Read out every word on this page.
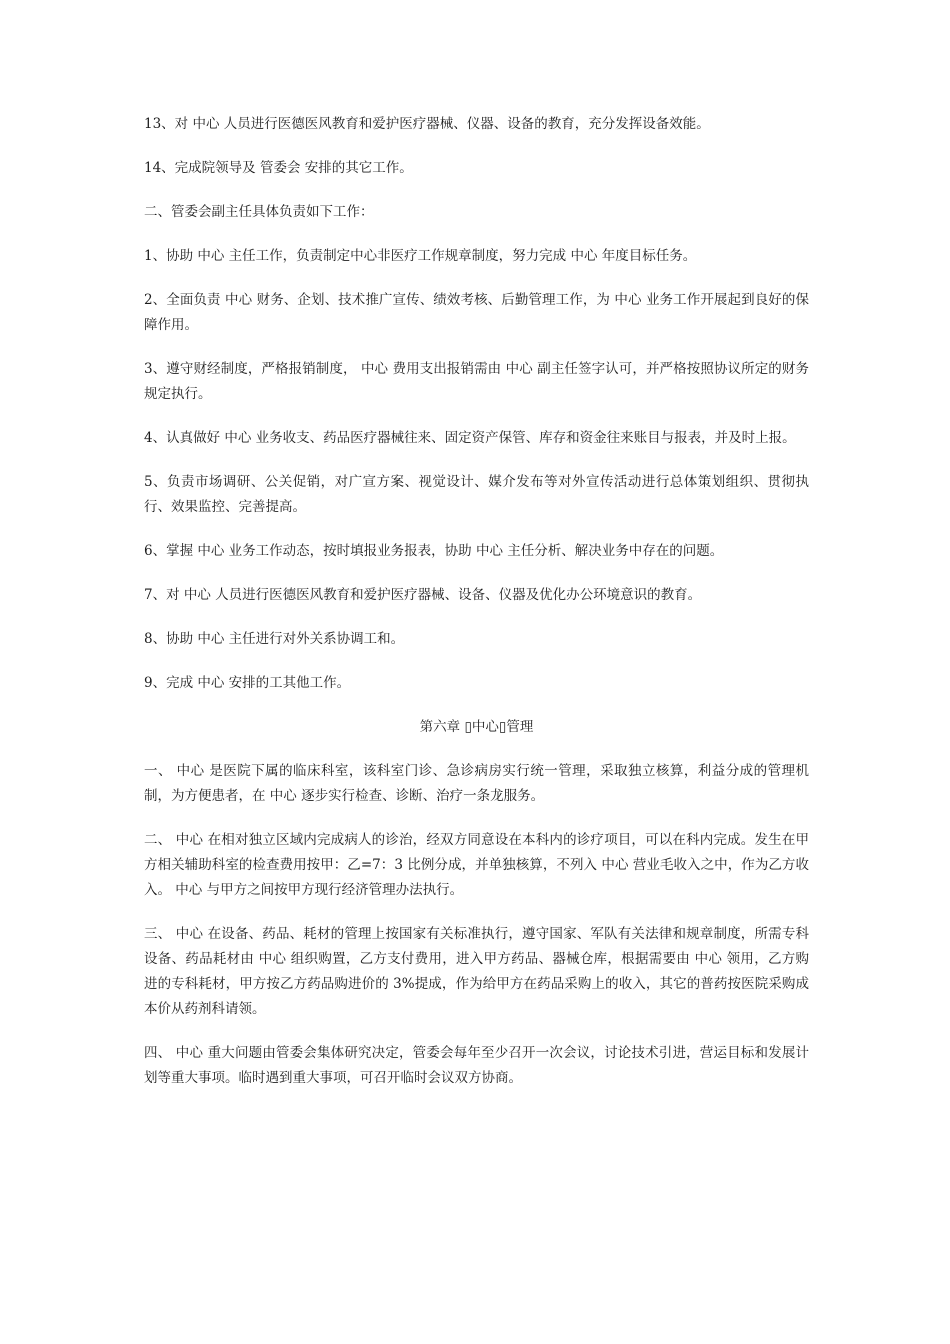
13、对 中心 人员进行医德医风教育和爱护医疗器械、仪器、设备的教育，充分发挥设备效能。

14、完成院领导及 管委会 安排的其它工作。

二、管委会副主任具体负责如下工作：

1、协助 中心 主任工作，负责制定中心非医疗工作规章制度，努力完成 中心 年度目标任务。

2、全面负责 中心 财务、企划、技术推广宣传、绩效考核、后勤管理工作，为 中心 业务工作开展起到良好的保障作用。

3、遵守财经制度，严格报销制度， 中心 费用支出报销需由 中心 副主任签字认可，并严格按照协议所定的财务规定执行。

4、认真做好 中心 业务收支、药品医疗器械往来、固定资产保管、库存和资金往来账目与报表，并及时上报。

5、负责市场调研、公关促销，对广宣方案、视觉设计、媒介发布等对外宣传活动进行总体策划组织、贯彻执行、效果监控、完善提高。

6、掌握 中心 业务工作动态，按时填报业务报表，协助 中心 主任分析、解决业务中存在的问题。

7、对 中心 人员进行医德医风教育和爱护医疗器械、设备、仪器及优化办公环境意识的教育。

8、协助 中心 主任进行对外关系协调工和。

9、完成 中心 安排的工其他工作。

第六章 ▯中心▯管理

一、 中心 是医院下属的临床科室，该科室门诊、急诊病房实行统一管理，采取独立核算，利益分成的管理机制，为方便患者，在 中心 逐步实行检查、诊断、治疗一条龙服务。

二、 中心 在相对独立区域内完成病人的诊治，经双方同意设在本科内的诊疗项目，可以在科内完成。发生在甲方相关辅助科室的检查费用按甲：乙=7：3 比例分成，并单独核算，不列入 中心 营业毛收入之中，作为乙方收入。 中心 与甲方之间按甲方现行经济管理办法执行。

三、 中心 在设备、药品、耗材的管理上按国家有关标准执行，遵守国家、军队有关法律和规章制度，所需专科设备、药品耗材由 中心 组织购置，乙方支付费用，进入甲方药品、器械仓库，根据需要由 中心 领用，乙方购进的专科耗材，甲方按乙方药品购进价的 3%提成，作为给甲方在药品采购上的收入，其它的普药按医院采购成本价从药剂科请领。

四、 中心 重大问题由管委会集体研究决定，管委会每年至少召开一次会议，讨论技术引进，营运目标和发展计划等重大事项。临时遇到重大事项，可召开临时会议双方协商。
